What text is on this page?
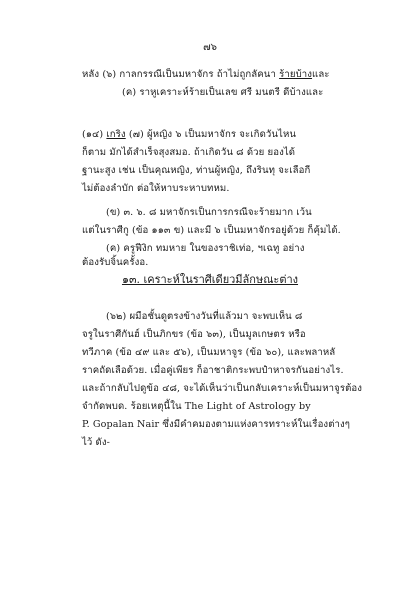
๗๖
หลัง (๖) กาลกรรณีเป็นมหาจักร ถ้าไม่ถูกลัคนา ร้ายบ้างและ
(ค) ราหูเคราะห์ร้ายเป็นเลข ศรี มนตรี ดีบ้างและ
(๑๔) เกริง (๗) ผู้หญิง ๖ เป็นมหาจักร จะเกิดวันไหน
ก็ตาม มักได้สำเร็จสุงสมอ. ถ้าเกิดวัน ๘ ด้วย ยองได้
ฐานะสูง เช่น เป็นคุณหญิง, ท่านผู้หญิง, ถึงรินทุ จะเลือกี
ไม่ต้องลำบัก ต่อให้หาบระหาบทหม.
(ข) ๓. ๖. ๘ มหาจักรเป็นการกรณีจะร้ายมาก เว้น
แต่ในราศีกู (ข้อ ๑๑๓ ข) และมี ๖ เป็นมหาจักรอยู่ด้วย ก็คุ้มได้.
(ค) ครูฟีงิก ทมหาย ในของราชิเท่อ, ฯเฉทู อย่าง
ต้องรับจิ้นครั้งอ.
๑๓. เคราะห์ในราศีเดียวมีลักษณะต่าง
(๖๒) ผมือชั้นดูตรงข้างวันที่แล้วมา จะพบเห็น ๘
จรูในราศีกันฮ์ เป็นภิกขร (ข้อ ๖๓), เป็นมูลเกษตร หรือ
ทวีภาค (ข้อ ๔๙ และ ๕๖), เป็นมหาจูร (ข้อ ๖๐), และพลาหลั
ราคถัดเลือด้วย. เมื่อคู่เพียร ก็อาชาติกระพบปำหาจรกันอย่างไร.
และถ้ากลับไปดูข้อ ๔๘, จะได้เห็นว่าเป็นกลับเคราะห์เป็นมหาจูรต้อง
จำกัดพบด. ร้อยเหตุนี้ใน The Light of Astrology by
P. Gopalan Nair ซึ่งมีคำคมองตามแห่งคารทราะห์ในเรื่องต่างๆ
ไว้ ดัง-
